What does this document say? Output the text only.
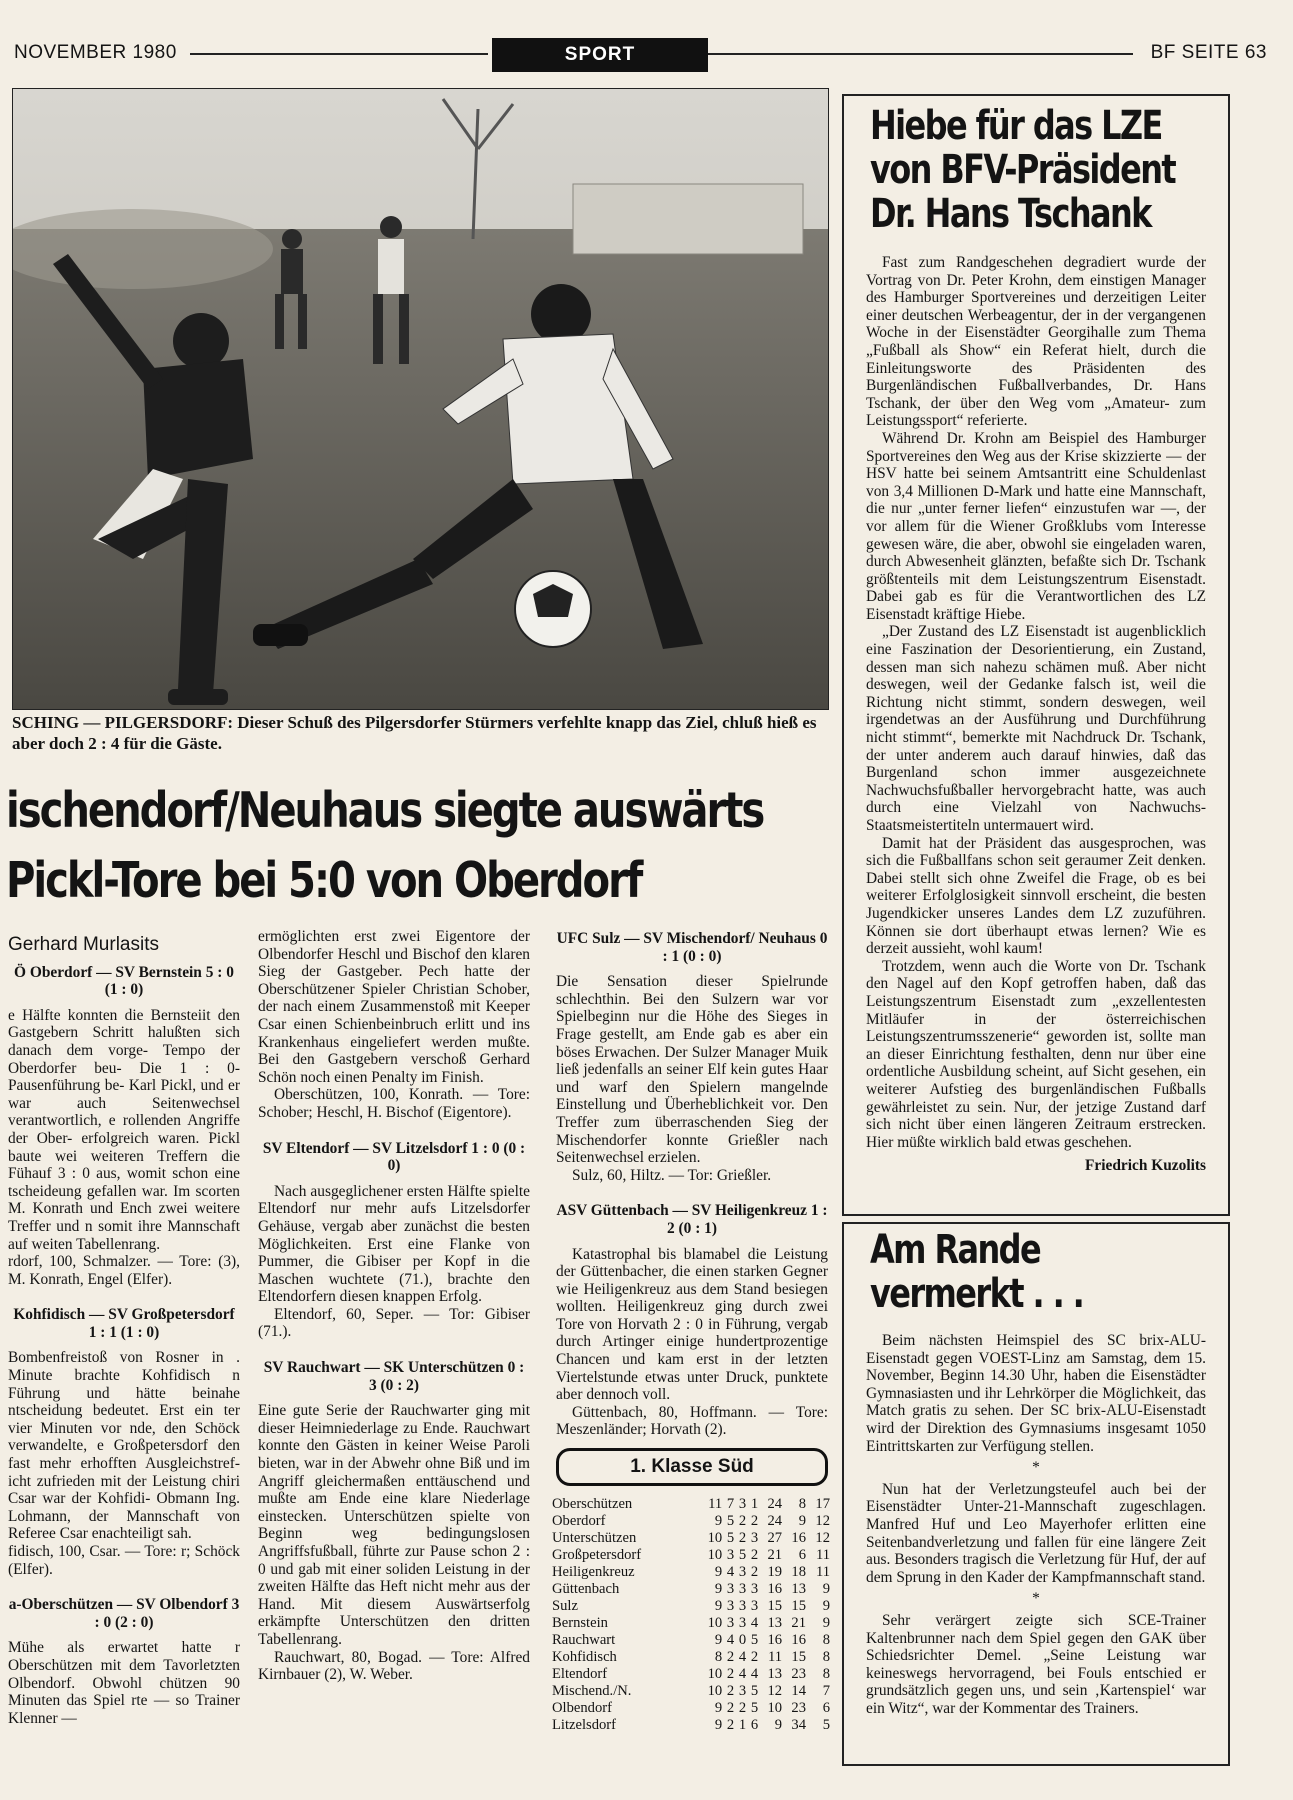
NOVEMBER 1980	SPORT	BF SEITE 63
SCHING — PILGERSDORF: Dieser Schuß des Pilgersdorfer Stürmers verfehlte knapp das Ziel, chluß hieß es aber doch 2 : 4 für die Gäste.
ischendorf/Neuhaus siegte auswärts
Pickl-Tore bei 5:0 von Oberdorf
Gerhard Murlasits
Ö Oberdorf — SV Bernstein 5 : 0 (1 : 0)

e Hälfte konnten die Bernsteiit den Gastgebern Schritt halußten sich danach dem vorge- Tempo der Oberdorfer beu- Die 1 : 0-Pausenführung be- Karl Pickl, und er war auch Seitenwechsel verantwortlich, e rollenden Angriffe der Ober- erfolgreich waren. Pickl baute wei weiteren Treffern die Fühauf 3 : 0 aus, womit schon eine tscheideung gefallen war. Im scorten M. Konrath und Ench zwei weitere Treffer und n somit ihre Mannschaft auf weiten Tabellenrang.

rdorf, 100, Schmalzer. — Tore: (3), M. Konrath, Engel (Elfer).

Kohfidisch — SV Großpetersdorf 1 : 1 (1 : 0)

Bombenfreistoß von Rosner in . Minute brachte Kohfidisch n Führung und hätte beinahe ntscheidung bedeutet. Erst ein ter vier Minuten vor nde, den Schöck verwandelte, e Großpetersdorf den fast mehr erhofften Ausgleichstref- icht zufrieden mit der Leistung chiri Csar war der Kohfidi- Obmann Ing. Lohmann, der Mannschaft von Referee Csar enachteiligt sah.

fidisch, 100, Csar. — Tore: r; Schöck (Elfer).

a-Oberschützen — SV Olbendorf 3 : 0 (2 : 0)

Mühe als erwartet hatte r Oberschützen mit dem Tavorletzten Olbendorf. Obwohl chützen 90 Minuten das Spiel rte — so Trainer Klenner —

ermöglichten erst zwei Eigentore der Olbendorfer Heschl und Bischof den klaren Sieg der Gastgeber. Pech hatte der Oberschützener Spieler Christian Schober, der nach einem Zusammenstoß mit Keeper Csar einen Schienbeinbruch erlitt und ins Krankenhaus eingeliefert werden mußte. Bei den Gastgebern verschoß Gerhard Schön noch einen Penalty im Finish.

Oberschützen, 100, Konrath. — Tore: Schober; Heschl, H. Bischof (Eigentore).

SV Eltendorf — SV Litzelsdorf 1 : 0 (0 : 0)

Nach ausgeglichener ersten Hälfte spielte Eltendorf nur mehr aufs Litzelsdorfer Gehäuse, vergab aber zunächst die besten Möglichkeiten. Erst eine Flanke von Pummer, die Gibiser per Kopf in die Maschen wuchtete (71.), brachte den Eltendorfern diesen knappen Erfolg.

Eltendorf, 60, Seper. — Tor: Gibiser (71.).

SV Rauchwart — SK Unterschützen 0 : 3 (0 : 2)

Eine gute Serie der Rauchwarter ging mit dieser Heimniederlage zu Ende. Rauchwart konnte den Gästen in keiner Weise Paroli bieten, war in der Abwehr ohne Biß und im Angriff gleichermaßen enttäuschend und mußte am Ende eine klare Niederlage einstecken. Unterschützen spielte von Beginn weg bedingungslosen Angriffsfußball, führte zur Pause schon 2 : 0 und gab mit einer soliden Leistung in der zweiten Hälfte das Heft nicht mehr aus der Hand. Mit diesem Auswärtserfolg erkämpfte Unterschützen den dritten Tabellenrang.

Rauchwart, 80, Bogad. — Tore: Alfred Kirnbauer (2), W. Weber.

UFC Sulz — SV Mischendorf/ Neuhaus 0 : 1 (0 : 0)

Die Sensation dieser Spielrunde schlechthin. Bei den Sulzern war vor Spielbeginn nur die Höhe des Sieges in Frage gestellt, am Ende gab es aber ein böses Erwachen. Der Sulzer Manager Muik ließ jedenfalls an seiner Elf kein gutes Haar und warf den Spielern mangelnde Einstellung und Überheblichkeit vor. Den Treffer zum überraschenden Sieg der Mischendorfer konnte Grießler nach Seitenwechsel erzielen.

Sulz, 60, Hiltz. — Tor: Grießler.

ASV Güttenbach — SV Heiligenkreuz 1 : 2 (0 : 1)

Katastrophal bis blamabel die Leistung der Güttenbacher, die einen starken Gegner wie Heiligenkreuz aus dem Stand besiegen wollten. Heiligenkreuz ging durch zwei Tore von Horvath 2 : 0 in Führung, vergab durch Artinger einige hundertprozentige Chancen und kam erst in der letzten Viertelstunde etwas unter Druck, punktete aber dennoch voll.

Güttenbach, 80, Hoffmann. — Tore: Meszenländer; Horvath (2).

1. Klasse Süd
Oberschützen	11	7	3	1	24	8	17
Oberdorf	9	5	2	2	24	9	12
Unterschützen	10	5	2	3	27	16	12
Großpetersdorf	10	3	5	2	21	6	11
Heiligenkreuz	9	4	3	2	19	18	11
Güttenbach	9	3	3	3	16	13	9
Sulz	9	3	3	3	15	15	9
Bernstein	10	3	3	4	13	21	9
Rauchwart	9	4	0	5	16	16	8
Kohfidisch	8	2	4	2	11	15	8
Eltendorf	10	2	4	4	13	23	8
Mischend./N.	10	2	3	5	12	14	7
Olbendorf	9	2	2	5	10	23	6
Litzelsdorf	9	2	1	6	9	34	5
Hiebe für das LZE
von BFV-Präsident
Dr. Hans Tschank

Fast zum Randgeschehen degradiert wurde der Vortrag von Dr. Peter Krohn, dem einstigen Manager des Hamburger Sportvereines und derzeitigen Leiter einer deutschen Werbeagentur, der in der vergangenen Woche in der Eisenstädter Georgihalle zum Thema „Fußball als Show“ ein Referat hielt, durch die Einleitungsworte des Präsidenten des Burgenländischen Fußballverbandes, Dr. Hans Tschank, der über den Weg vom „Amateur- zum Leistungssport“ referierte.

Während Dr. Krohn am Beispiel des Hamburger Sportvereines den Weg aus der Krise skizzierte — der HSV hatte bei seinem Amtsantritt eine Schuldenlast von 3,4 Millionen D-Mark und hatte eine Mannschaft, die nur „unter ferner liefen“ einzustufen war —, der vor allem für die Wiener Großklubs vom Interesse gewesen wäre, die aber, obwohl sie eingeladen waren, durch Abwesenheit glänzten, befaßte sich Dr. Tschank größtenteils mit dem Leistungszentrum Eisenstadt. Dabei gab es für die Verantwortlichen des LZ Eisenstadt kräftige Hiebe.

„Der Zustand des LZ Eisenstadt ist augenblicklich eine Faszination der Desorientierung, ein Zustand, dessen man sich nahezu schämen muß. Aber nicht deswegen, weil der Gedanke falsch ist, weil die Richtung nicht stimmt, sondern deswegen, weil irgendetwas an der Ausführung und Durchführung nicht stimmt“, bemerkte mit Nachdruck Dr. Tschank, der unter anderem auch darauf hinwies, daß das Burgenland schon immer ausgezeichnete Nachwuchsfußballer hervorgebracht hatte, was auch durch eine Vielzahl von Nachwuchs-Staatsmeistertiteln untermauert wird.

Damit hat der Präsident das ausgesprochen, was sich die Fußballfans schon seit geraumer Zeit denken. Dabei stellt sich ohne Zweifel die Frage, ob es bei weiterer Erfolglosigkeit sinnvoll erscheint, die besten Jugendkicker unseres Landes dem LZ zuzuführen. Können sie dort überhaupt etwas lernen? Wie es derzeit aussieht, wohl kaum!

Trotzdem, wenn auch die Worte von Dr. Tschank den Nagel auf den Kopf getroffen haben, daß das Leistungszentrum Eisenstadt zum „exzellentesten Mitläufer in der österreichischen Leistungszentrumsszenerie“ geworden ist, sollte man an dieser Einrichtung festhalten, denn nur über eine ordentliche Ausbildung scheint, auf Sicht gesehen, ein weiterer Aufstieg des burgenländischen Fußballs gewährleistet zu sein. Nur, der jetzige Zustand darf sich nicht über einen längeren Zeitraum erstrecken. Hier müßte wirklich bald etwas geschehen.

Friedrich Kuzolits
Am Rande
vermerkt . . .

Beim nächsten Heimspiel des SC brix-ALU-Eisenstadt gegen VOEST-Linz am Samstag, dem 15. November, Beginn 14.30 Uhr, haben die Eisenstädter Gymnasiasten und ihr Lehrkörper die Möglichkeit, das Match gratis zu sehen. Der SC brix-ALU-Eisenstadt wird der Direktion des Gymnasiums insgesamt 1050 Eintrittskarten zur Verfügung stellen.

*

Nun hat der Verletzungsteufel auch bei der Eisenstädter Unter-21-Mannschaft zugeschlagen. Manfred Huf und Leo Mayerhofer erlitten eine Seitenbandverletzung und fallen für eine längere Zeit aus. Besonders tragisch die Verletzung für Huf, der auf dem Sprung in den Kader der Kampfmannschaft stand.

*

Sehr verärgert zeigte sich SCE-Trainer Kaltenbrunner nach dem Spiel gegen den GAK über Schiedsrichter Demel. „Seine Leistung war keineswegs hervorragend, bei Fouls entschied er grundsätzlich gegen uns, und sein ‚Kartenspiel‘ war ein Witz“, war der Kommentar des Trainers.
